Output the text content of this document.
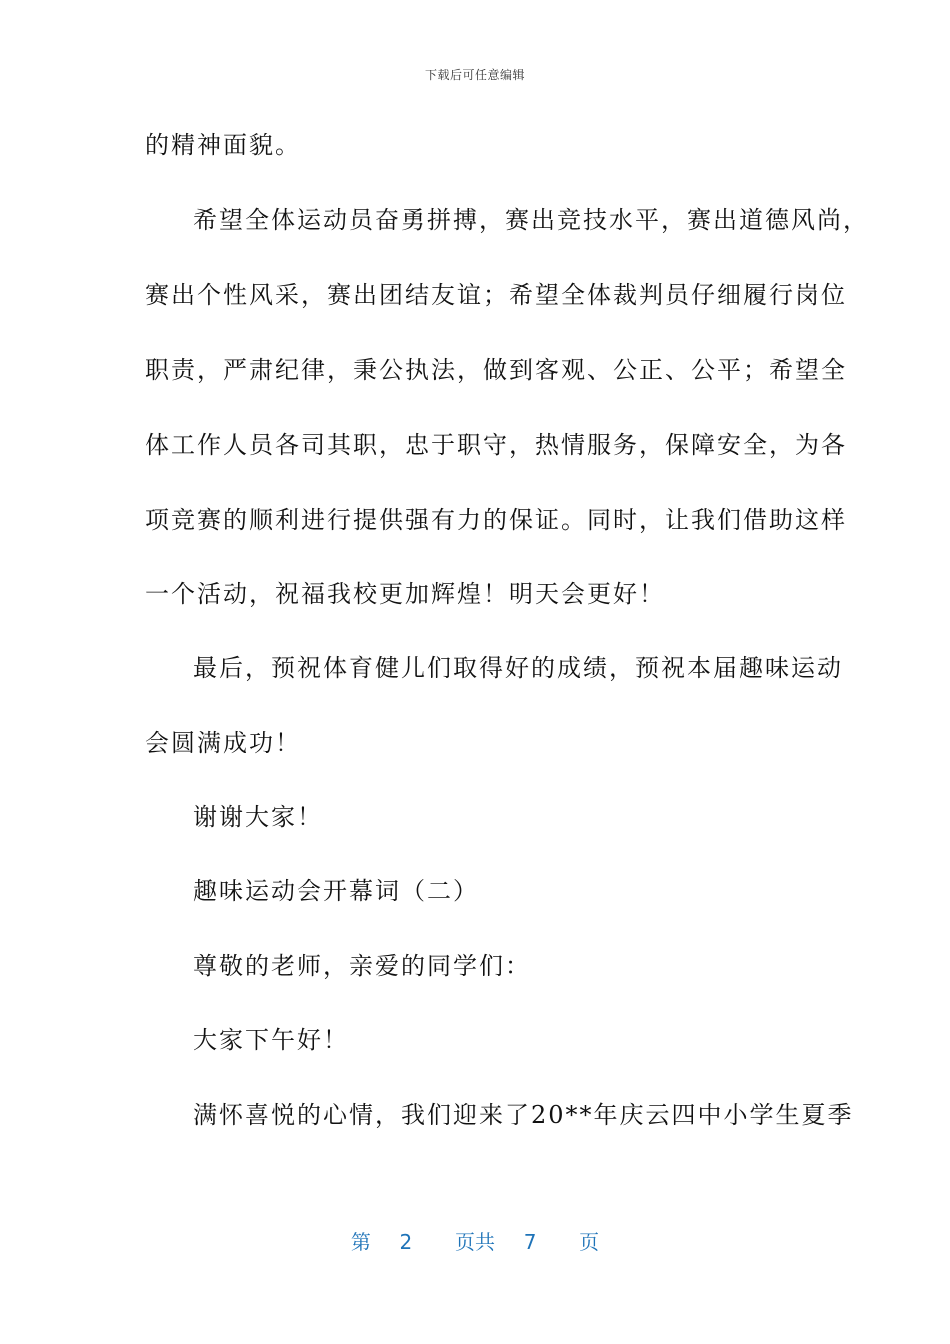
下载后可任意编辑
的精神面貌。
希望全体运动员奋勇拼搏，赛出竞技水平，赛出道德风尚，
赛出个性风采，赛出团结友谊；希望全体裁判员仔细履行岗位
职责，严肃纪律，秉公执法，做到客观、公正、公平；希望全
体工作人员各司其职，忠于职守，热情服务，保障安全，为各
项竞赛的顺利进行提供强有力的保证。同时，让我们借助这样
一个活动，祝福我校更加辉煌！明天会更好！
最后，预祝体育健儿们取得好的成绩，预祝本届趣味运动
会圆满成功！
谢谢大家！
趣味运动会开幕词（二）
尊敬的老师，亲爱的同学们：
大家下午好！
满怀喜悦的心情，我们迎来了20**年庆云四中小学生夏季
第 2 页共 7 页
